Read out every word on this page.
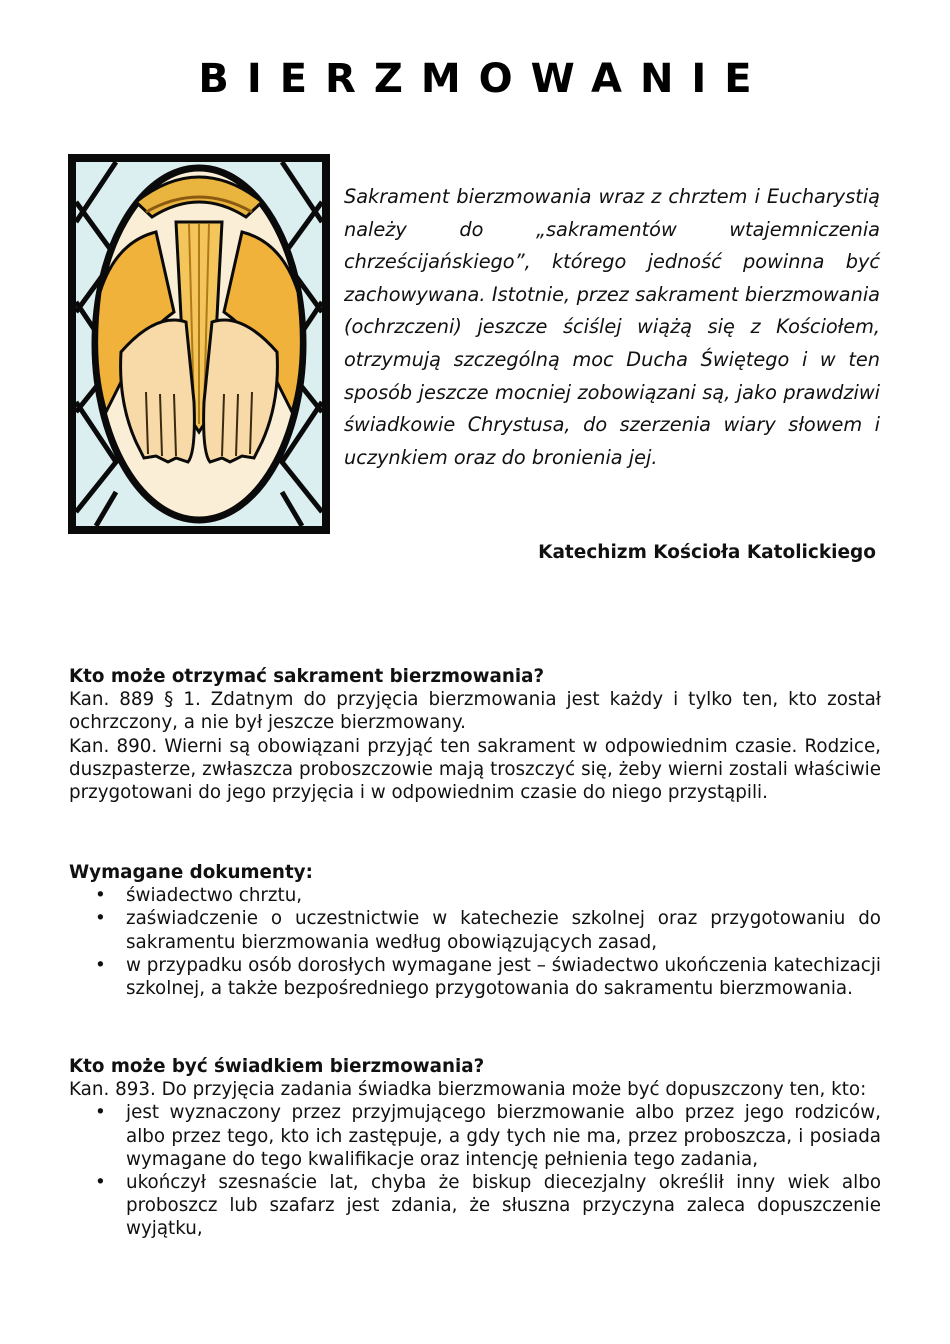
BIERZMOWANIE
Sakrament bierzmowania wraz z chrztem i Eucharystią należy do „sakramentów wtajemniczenia chrześcijańskiego”, którego jedność powinna być zachowywana. Istotnie, przez sakrament bierzmowania (ochrzczeni) jeszcze ściślej wiążą się z Kościołem, otrzymują szczególną moc Ducha Świętego i w ten sposób jeszcze mocniej zobowiązani są, jako prawdziwi świadkowie Chrystusa, do szerzenia wiary słowem i uczynkiem oraz do bronienia jej.
Katechizm Kościoła Katolickiego
Kto może otrzymać sakrament bierzmowania?

Kan. 889 § 1. Zdatnym do przyjęcia bierzmowania jest każdy i tylko ten, kto został ochrzczony, a nie był jeszcze bierzmowany.

Kan. 890. Wierni są obowiązani przyjąć ten sakrament w odpowiednim czasie. Rodzice, duszpasterze, zwłaszcza proboszczowie mają troszczyć się, żeby wierni zostali właściwie przygotowani do jego przyjęcia i w odpowiednim czasie do niego przystąpili.

Wymagane dokumenty:
• świadectwo chrztu,
• zaświadczenie o uczestnictwie w katechezie szkolnej oraz przygotowaniu do sakramentu bierzmowania według obowiązujących zasad,
• w przypadku osób dorosłych wymagane jest – świadectwo ukończenia katechizacji szkolnej, a także bezpośredniego przygotowania do sakramentu bierzmowania.
Kto może być świadkiem bierzmowania?

Kan. 893. Do przyjęcia zadania świadka bierzmowania może być dopuszczony ten, kto:

• jest wyznaczony przez przyjmującego bierzmowanie albo przez jego rodziców, albo przez tego, kto ich zastępuje, a gdy tych nie ma, przez proboszcza, i posiada wymagane do tego kwalifikacje oraz intencję pełnienia tego zadania,
• ukończył szesnaście lat, chyba że biskup diecezjalny określił inny wiek albo proboszcz lub szafarz jest zdania, że słuszna przyczyna zaleca dopuszczenie wyjątku,
